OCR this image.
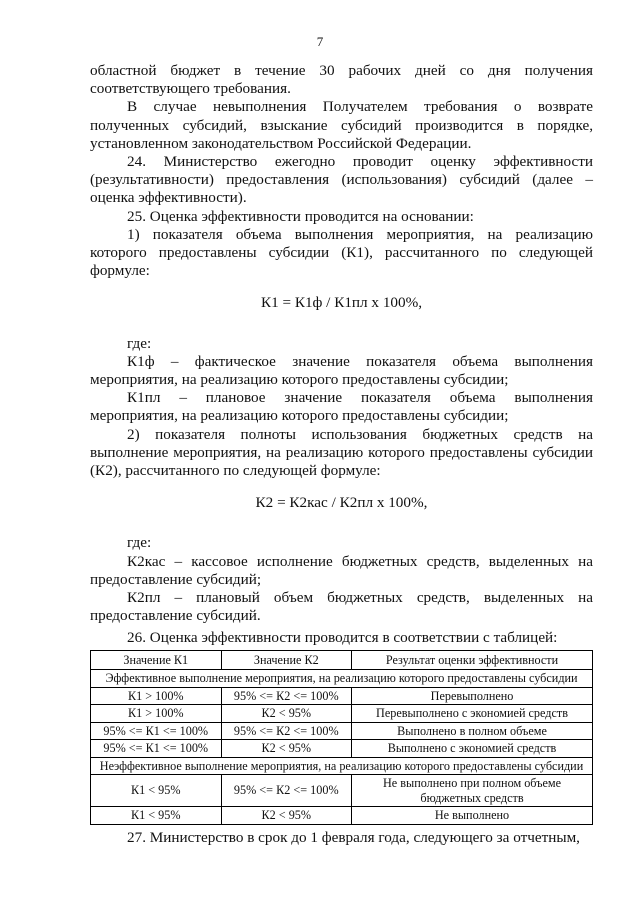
7

областной бюджет в течение 30 рабочих дней со дня получения соответствующего требования.

В случае невыполнения Получателем требования о возврате полученных субсидий, взыскание субсидий производится в порядке, установленном законодательством Российской Федерации.

24. Министерство ежегодно проводит оценку эффективности (результативности) предоставления (использования) субсидий (далее – оценка эффективности).

25. Оценка эффективности проводится на основании:

1) показателя объема выполнения мероприятия, на реализацию которого предоставлены субсидии (К1), рассчитанного по следующей формуле:

К1 = К1ф / К1пл х 100%,

где:

К1ф – фактическое значение показателя объема выполнения мероприятия, на реализацию которого предоставлены субсидии;

К1пл – плановое значение показателя объема выполнения мероприятия, на реализацию которого предоставлены субсидии;

2) показателя полноты использования бюджетных средств на выполнение мероприятия, на реализацию которого предоставлены субсидии (К2), рассчитанного по следующей формуле:

К2 = К2кас / К2пл х 100%,

где:

К2кас – кассовое исполнение бюджетных средств, выделенных на предоставление субсидий;

К2пл – плановый объем бюджетных средств, выделенных на предоставление субсидий.

26. Оценка эффективности проводится в соответствии с таблицей:

Значение К1	Значение К2	Результат оценки эффективности
Эффективное выполнение мероприятия, на реализацию которого предоставлены субсидии		
К1 > 100%	95% <= К2 <= 100%	Перевыполнено
К1 > 100%	К2 < 95%	Перевыполнено с экономией средств
95% <= К1 <= 100%	95% <= К2 <= 100%	Выполнено в полном объеме
95% <= К1 <= 100%	К2 < 95%	Выполнено с экономией средств
Неэффективное выполнение мероприятия, на реализацию которого предоставлены субсидии		
К1 < 95%	95% <= К2 <= 100%	Не выполнено при полном объеме бюджетных средств
К1 < 95%	К2 < 95%	Не выполнено

27. Министерство в срок до 1 февраля года, следующего за отчетным,
